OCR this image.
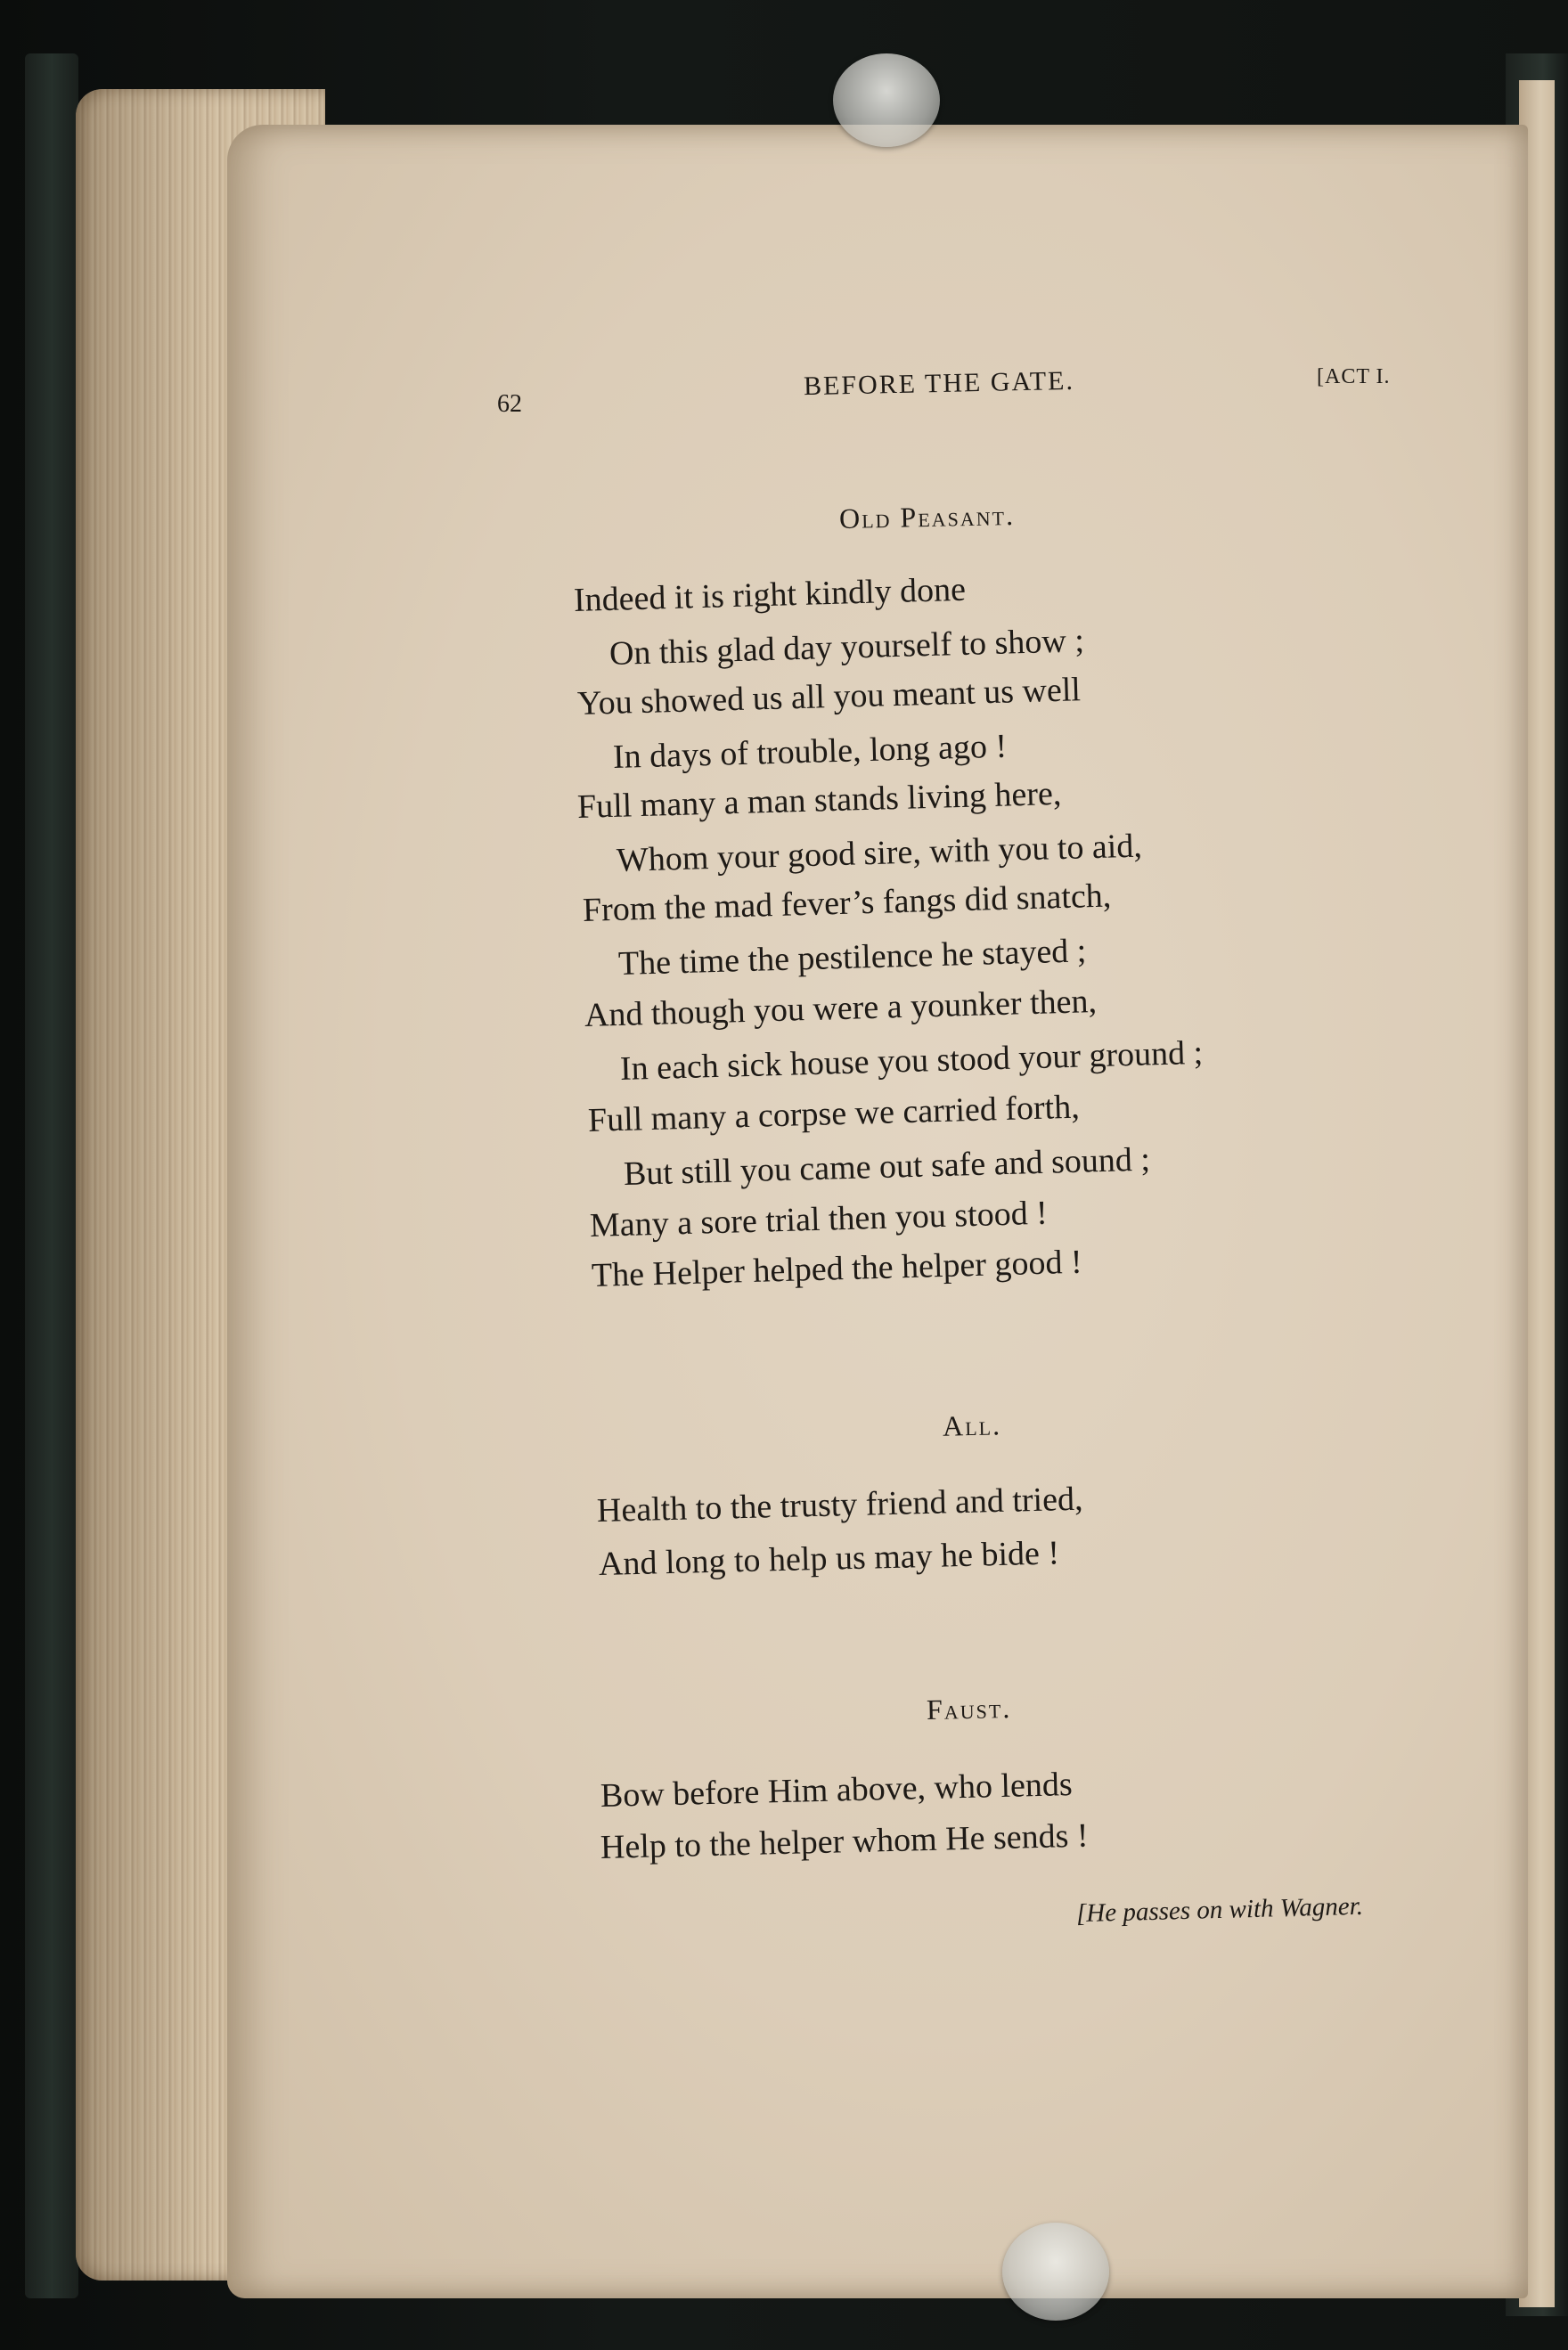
62
BEFORE THE GATE.	[ACT I.
Old Peasant.
Indeed it is right kindly done
On this glad day yourself to show ;
You showed us all you meant us well
In days of trouble, long ago !
Full many a man stands living here,
Whom your good sire, with you to aid,
From the mad fever’s fangs did snatch,
The time the pestilence he stayed ;
And though you were a younker then,
In each sick house you stood your ground ;
Full many a corpse we carried forth,
But still you came out safe and sound ;
Many a sore trial then you stood !
The Helper helped the helper good !
All.
Health to the trusty friend and tried,
And long to help us may he bide !
Faust.
Bow before Him above, who lends
Help to the helper whom He sends !
[He passes on with Wagner.
